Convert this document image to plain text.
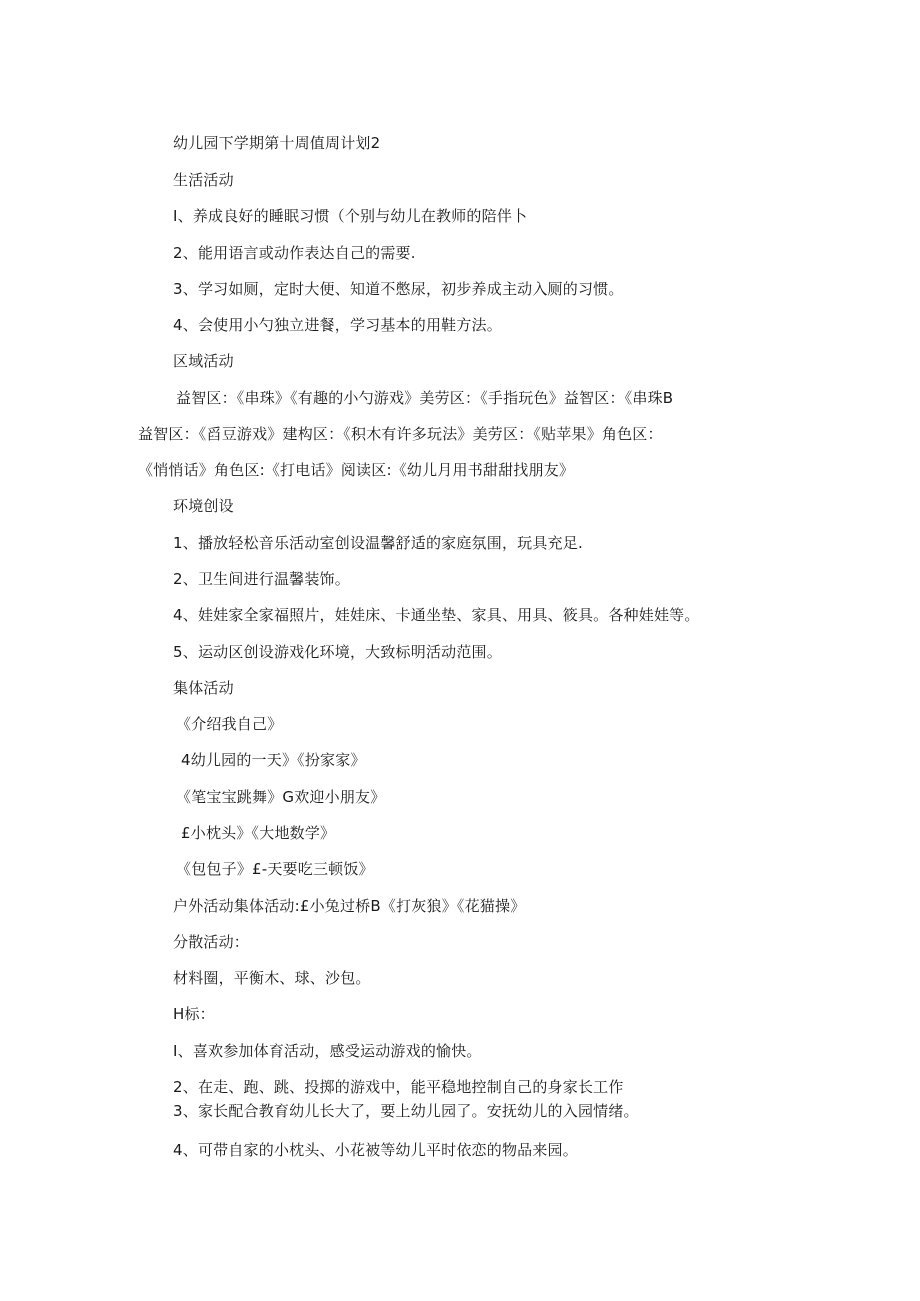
幼儿园下学期第十周值周计划2
生活活动
I、养成良好的睡眠习惯（个别与幼儿在教师的陪伴卜
2、能用语言或动作表达自己的需要.
3、学习如厕，定时大便、知道不憋尿，初步养成主动入厕的习惯。
4、会使用小勺独立进餐，学习基本的用鞋方法。
区域活动
益智区：《串珠》《有趣的小勺游戏》美劳区：《手指玩色》益智区：《串珠B
益智区：《舀豆游戏》建构区：《积木有许多玩法》美劳区：《贴苹果》角色区：
《悄悄话》角色区:《打电话》阅读区:《幼儿月用书甜甜找朋友》
环境创设
1、播放轻松音乐活动室创设温馨舒适的家庭氛围，玩具充足.
2、卫生间进行温馨装饰。
4、娃娃家全家福照片，娃娃床、卡通坐垫、家具、用具、筱具。各种娃娃等。
5、运动区创设游戏化环境，大致标明活动范围。
集体活动
《介绍我自己》
4幼儿园的一天》《扮家家》
《笔宝宝跳舞》G欢迎小朋友》
£小枕头》《大地数学》
《包包子》£-天要吃三顿饭》
户外活动集体活动:£小兔过桥B《打灰狼》《花猫操》
分散活动：
材料圈，平衡木、球、沙包。
H标：
I、喜欢参加体育活动，感受运动游戏的愉快。
2、在走、跑、跳、投掷的游戏中，能平稳地控制自己的身家长工作
3、家长配合教育幼儿长大了，要上幼儿园了。安抚幼儿的入园情绪。
4、可带自家的小枕头、小花被等幼儿平时依恋的物品来园。
